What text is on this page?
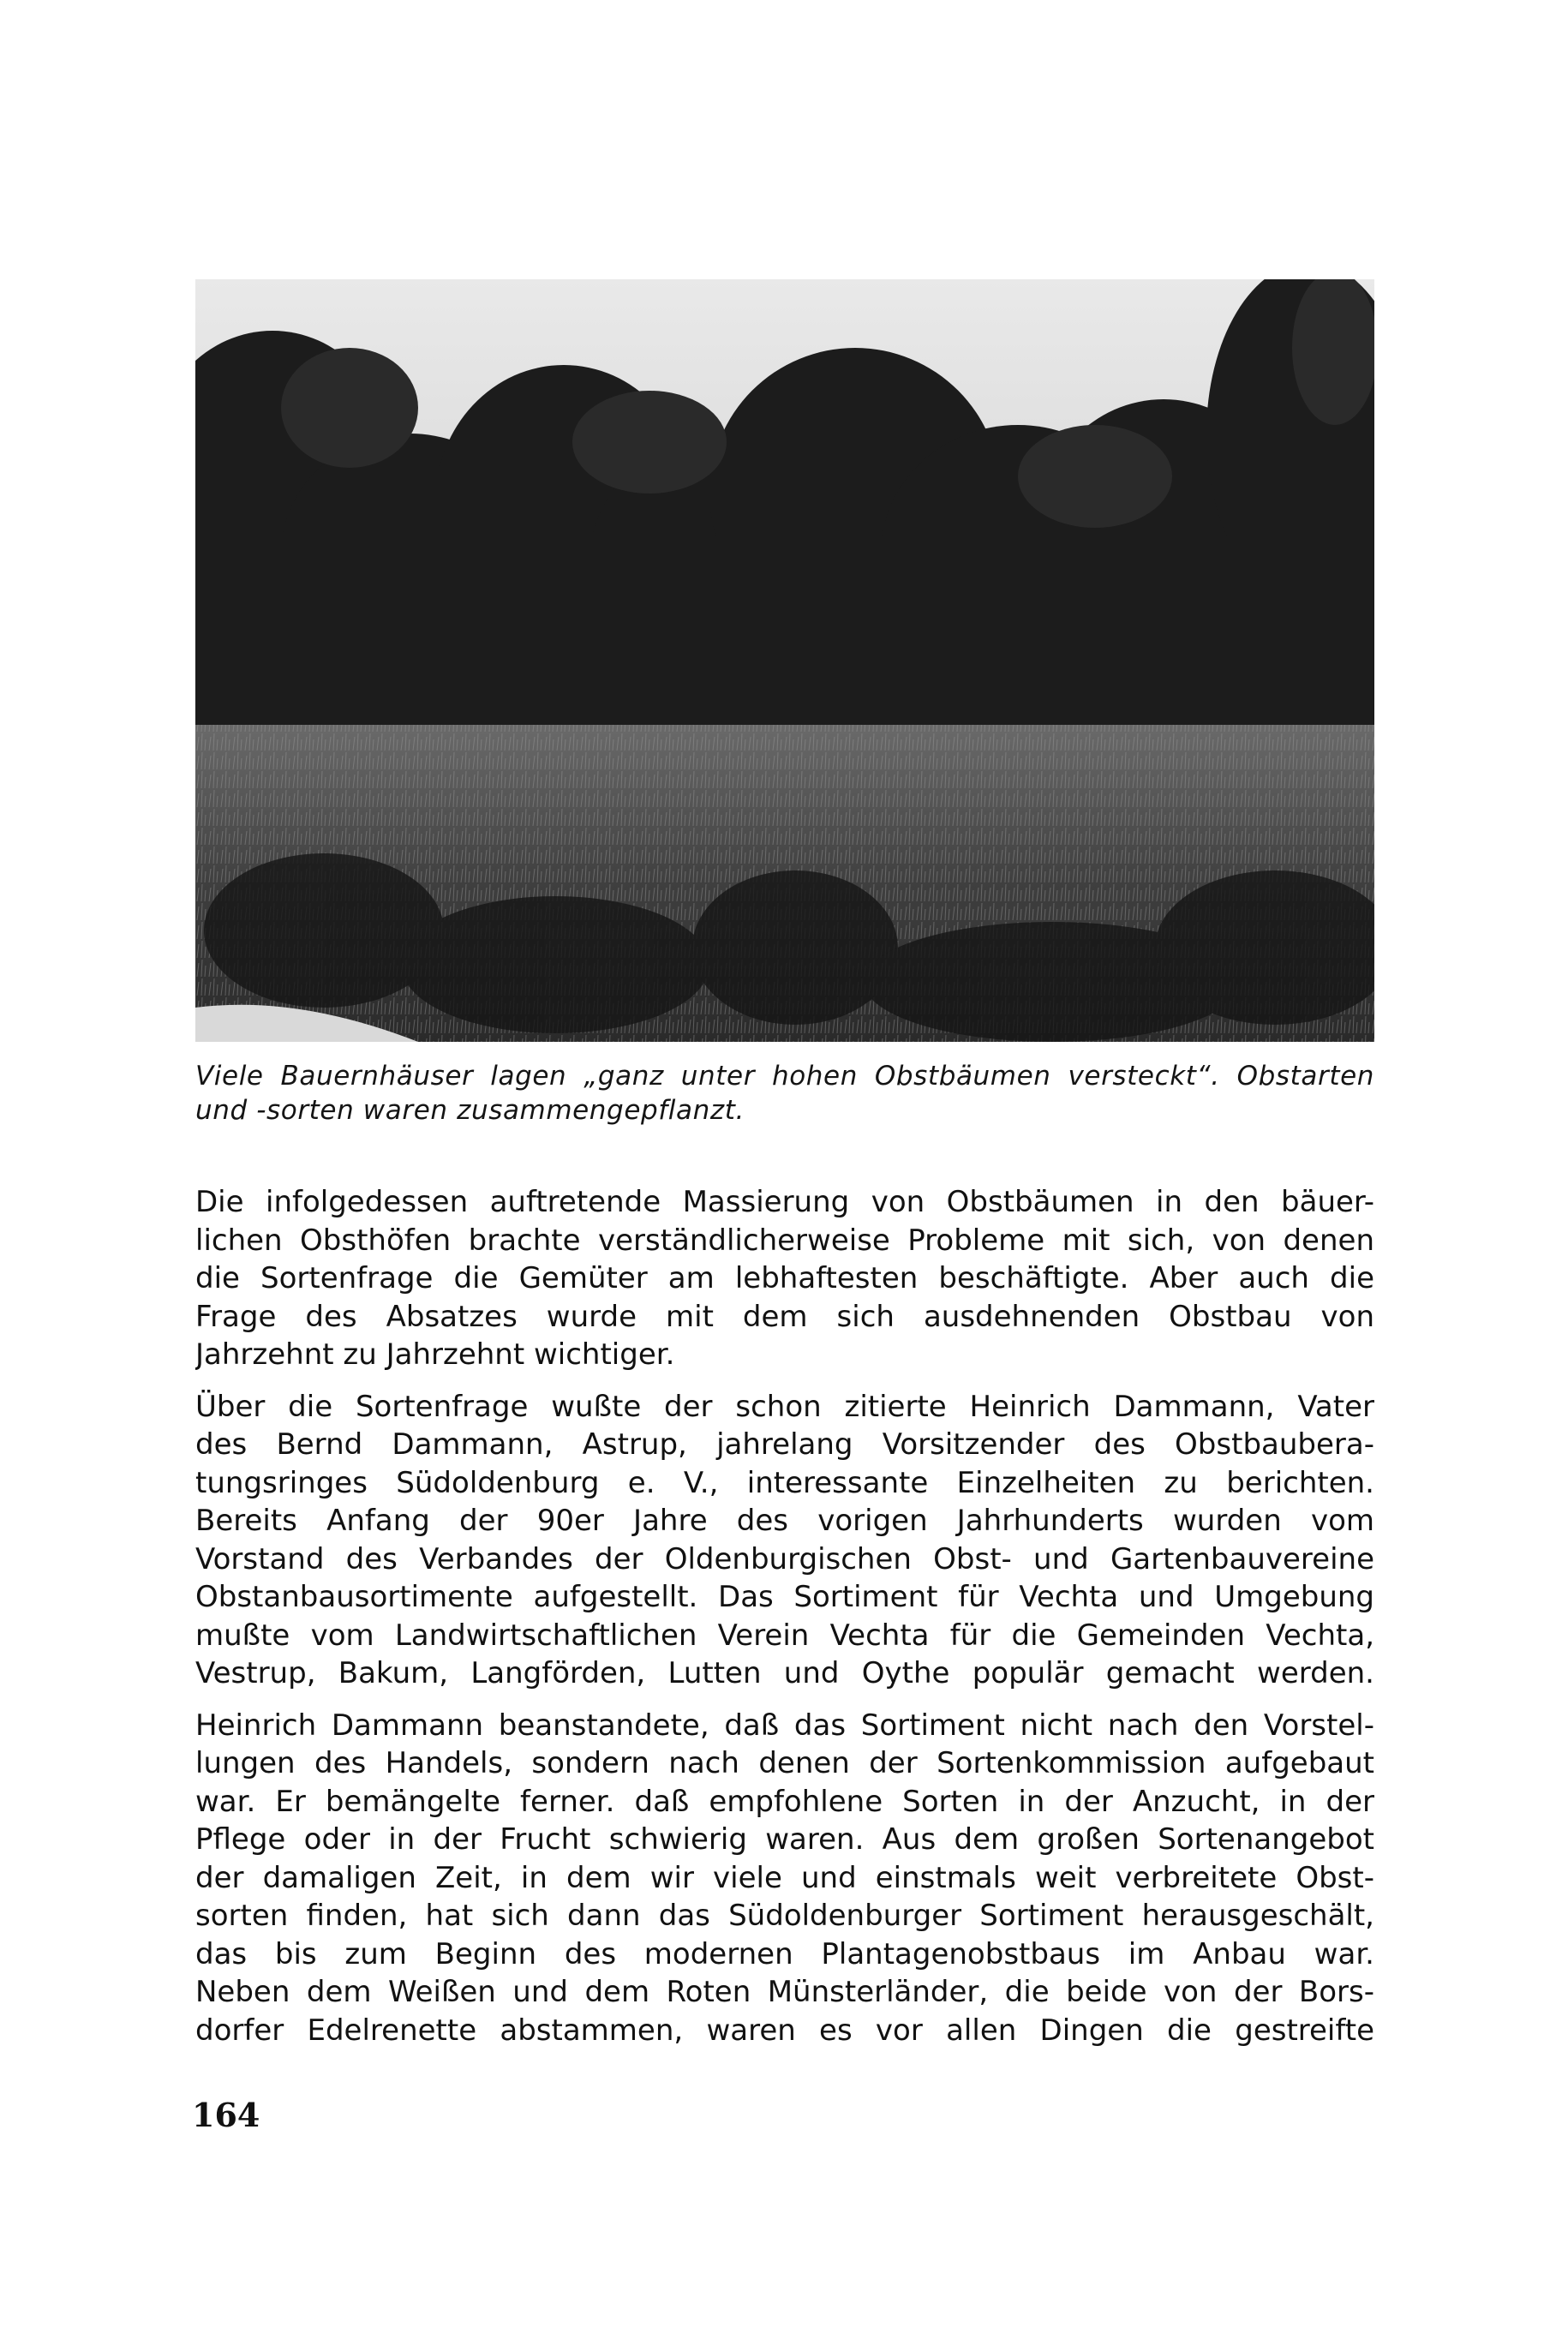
Viele Bauernhäuser lagen „ganz unter hohen Obstbäumen versteckt“. Obstarten
und -sorten waren zusammengepflanzt.
Die infolgedessen auftretende Massierung von Obstbäumen in den bäuer-
lichen Obsthöfen brachte verständlicherweise Probleme mit sich, von denen
die Sortenfrage die Gemüter am lebhaftesten beschäftigte. Aber auch die
Frage des Absatzes wurde mit dem sich ausdehnenden Obstbau von
Jahrzehnt zu Jahrzehnt wichtiger.
Über die Sortenfrage wußte der schon zitierte Heinrich Dammann, Vater
des Bernd Dammann, Astrup, jahrelang Vorsitzender des Obstbaubera-
tungsringes Südoldenburg e. V., interessante Einzelheiten zu berichten.
Bereits Anfang der 90er Jahre des vorigen Jahrhunderts wurden vom
Vorstand des Verbandes der Oldenburgischen Obst- und Gartenbauvereine
Obstanbausortimente aufgestellt. Das Sortiment für Vechta und Umgebung
mußte vom Landwirtschaftlichen Verein Vechta für die Gemeinden Vechta,
Vestrup, Bakum, Langförden, Lutten und Oythe populär gemacht werden.
Heinrich Dammann beanstandete, daß das Sortiment nicht nach den Vorstel-
lungen des Handels, sondern nach denen der Sortenkommission aufgebaut
war. Er bemängelte ferner. daß empfohlene Sorten in der Anzucht, in der
Pflege oder in der Frucht schwierig waren. Aus dem großen Sortenangebot
der damaligen Zeit, in dem wir viele und einstmals weit verbreitete Obst-
sorten finden, hat sich dann das Südoldenburger Sortiment herausgeschält,
das bis zum Beginn des modernen Plantagenobstbaus im Anbau war.
Neben dem Weißen und dem Roten Münsterländer, die beide von der Bors-
dorfer Edelrenette abstammen, waren es vor allen Dingen die gestreifte
164
